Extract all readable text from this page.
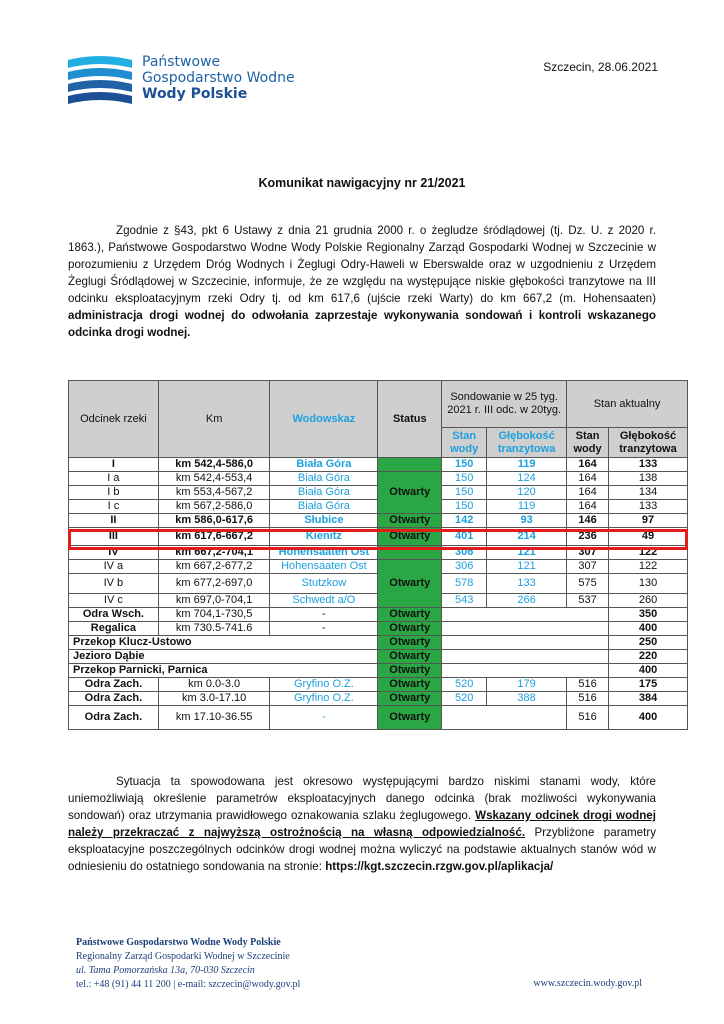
Państwowe
Gospodarstwo Wodne
Wody Polskie
Szczecin, 28.06.2021
Komunikat nawigacyjny nr 21/2021

Zgodnie z §43, pkt 6 Ustawy z dnia 21 grudnia 2000 r. o żegludze śródlądowej (tj. Dz. U. z 2020 r. 1863.), Państwowe Gospodarstwo Wodne Wody Polskie Regionalny Zarząd Gospodarki Wodnej w Szczecinie w porozumieniu z Urzędem Dróg Wodnych i Żeglugi Odry-Haweli w Eberswalde oraz w uzgodnieniu z Urzędem Żeglugi Śródlądowej w Szczecinie, informuje, że ze względu na występujące niskie głębokości tranzytowe na III odcinku eksploatacyjnym rzeki Odry tj. od km 617,6 (ujście rzeki Warty) do km 667,2 (m. Hohensaaten) administracja drogi wodnej do odwołania zaprzestaje wykonywania sondowań i kontroli wskazanego odcinka drogi wodnej.

Odcinek rzeki	Km	Wodowskaz	Status	Sondowanie w 25 tyg. 2021 r. III odc. w 20tyg.		Stan aktualny	
				Stan wody	Głębokość tranzytowa	Stan wody	Głębokość tranzytowa
I	km 542,4-586,0	Biała Góra		150	119	164	133
I a	km 542,4-553,4	Biała Góra	Otwarty	150	124	164	138
I b	km 553,4-567,2	Biała Góra		150	120	164	134
I c	km 567,2-586,0	Biała Góra		150	119	164	133
II	km 586,0-617,6	Słubice	Otwarty	142	93	146	97
III	km 617,6-667,2	Kienitz	Otwarty	401	214	236	49
IV	km 667,2-704,1	Hohensaaten Ost		306	121	307	122
IV a	km 667,2-677,2	Hohensaaten Ost	Otwarty	306	121	307	122
IV b	km 677,2-697,0	Stutzkow		578	133	575	130
IV c	km 697,0-704,1	Schwedt a/O		543	266	537	260
Odra Wsch.	km 704,1-730,5	-	Otwarty				350
Regalica	km 730.5-741.6	-	Otwarty				400
Przekop Klucz-Ustowo			Otwarty				250
Jezioro Dąbie			Otwarty				220
Przekop Parnicki, Parnica			Otwarty				400
Odra Zach.	km 0.0-3.0	Gryfino O.Z.	Otwarty	520	179	516	175
Odra Zach.	km 3.0-17.10	Gryfino O.Z.	Otwarty	520	388	516	384
Odra Zach.	km 17.10-36.55	-	Otwarty			516	400

Sytuacja ta spowodowana jest okresowo występującymi bardzo niskimi stanami wody, które uniemożliwiają określenie parametrów eksploatacyjnych danego odcinka (brak możliwości wykonywania sondowań) oraz utrzymania prawidłowego oznakowania szlaku żeglugowego. Wskazany odcinek drogi wodnej należy przekraczać z najwyższą ostrożnością na własną odpowiedzialność. Przybliżone parametry eksploatacyjne poszczególnych odcinków drogi wodnej można wyliczyć na podstawie aktualnych stanów wód w odniesieniu do ostatniego sondowania na stronie: https://kgt.szczecin.rzgw.gov.pl/aplikacja/

Państwowe Gospodarstwo Wodne Wody Polskie
Regionalny Zarząd Gospodarki Wodnej w Szczecinie
ul. Tama Pomorzańska 13a, 70-030 Szczecin
tel.: +48 (91) 44 11 200 | e-mail: szczecin@wody.gov.pl	www.szczecin.wody.gov.pl
